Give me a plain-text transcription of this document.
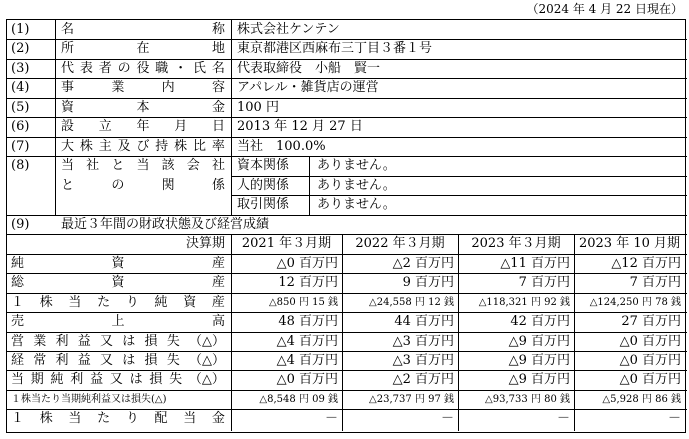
（2024 年 4 月 22 日現在）
(1)	名	称 株式会社ケンテン
(2)	所	在	地 東京都港区西麻布三丁目３番１号
(3)	代 表 者 の 役 職 ・ 氏 名 代表取締役　小船　賢一
(4)	事	業	内	容 アパレル・雑貨店の運営
(5)	資	本	金 100 円
(6)	設 立 年 月 日 2013 年 12 月 27 日
(7)	大 株 主 及 び 持 株 比 率 当社　100.0%
(8)	当 社 と 当 該 会 社
と	の	関	係
資本関係 ありません。
人的関係 ありません。
取引関係 ありません。
(9)	最近３年間の財政状態及び経営成績
決算期	2021 年３月期	2022 年３月期	2023 年３月期	2023 年 10 月期
純	資	産	△0 百万円	△2 百万円	△11 百万円	△12 百万円
総	資	産	12 百万円	9 百万円	7 百万円	7 百万円
１ 株 当 た り 純 資 産	△850 円 15 銭	△24,558 円 12 銭	△118,321 円 92 銭	△124,250 円 78 銭
売	上	高	48 百万円	44 百万円	42 百万円	27 百万円
営 業 利 益 又 は 損 失 （△）	△4 百万円	△3 百万円	△9 百万円	△0 百万円
経 常 利 益 又 は 損 失 （△）	△4 百万円	△3 百万円	△9 百万円	△0 百万円
当 期 純 利 益 又 は 損 失 （△）	△0 百万円	△2 百万円	△9 百万円	△0 百万円
１株当たり当期純利益又は損失(△)	△8,548 円 09 銭	△23,737 円 97 銭	△93,733 円 80 銭	△5,928 円 86 銭
１ 株 当 た り 配 当 金	－	－	－	－
